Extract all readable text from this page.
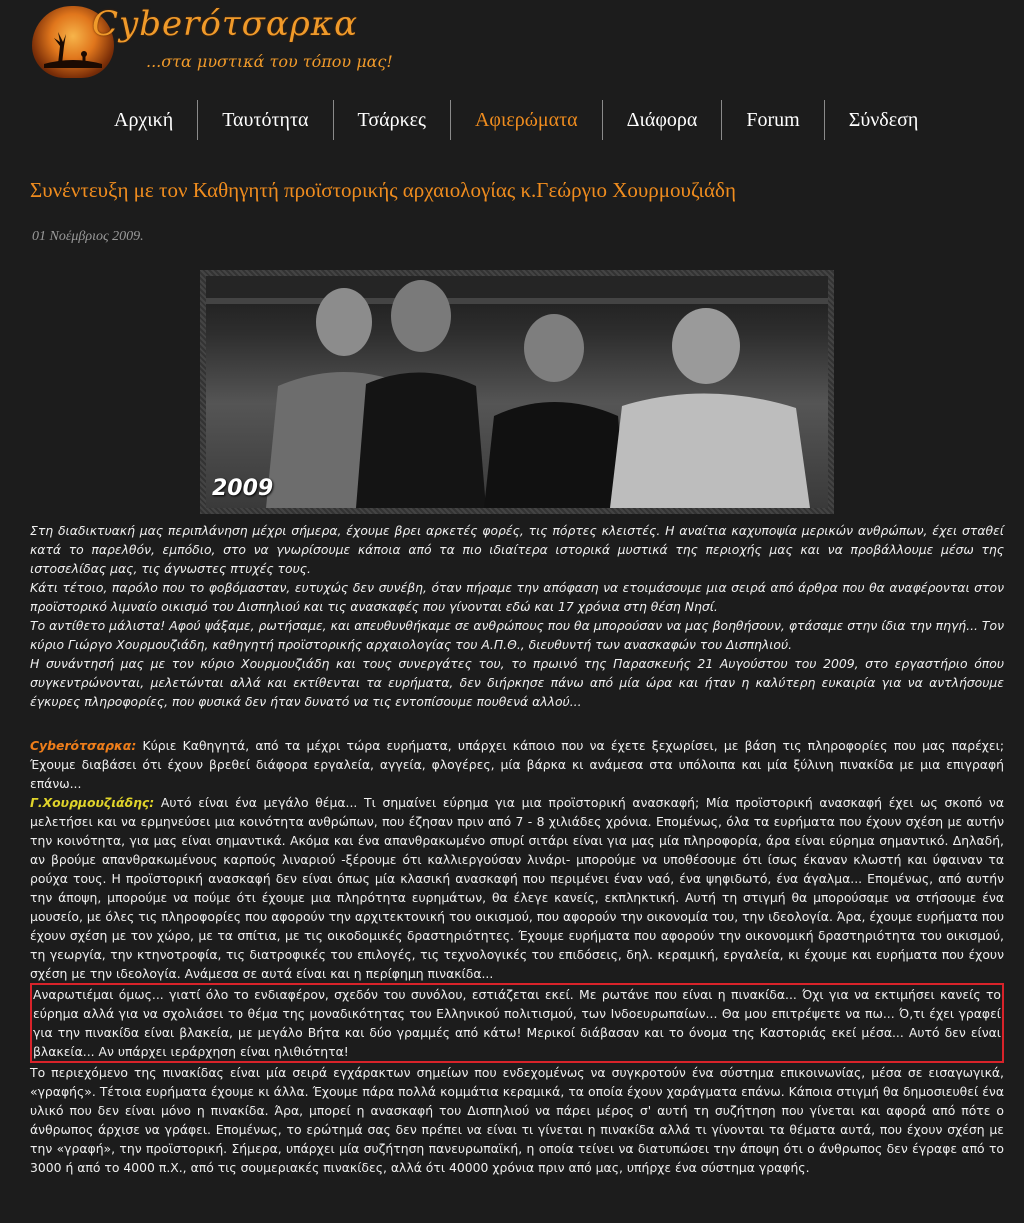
Cyberότσαρκα
...στα μυστικά του τόπου μας!
Αρχική	Ταυτότητα	Τσάρκες	Αφιερώματα	Διάφορα	Forum	Σύνδεση
Συνέντευξη με τον Καθηγητή προϊστορικής αρχαιολογίας κ.Γεώργιο Χουρμουζιάδη
01 Νοέμβριος 2009.
2009

Στη διαδικτυακή μας περιπλάνηση μέχρι σήμερα, έχουμε βρει αρκετές φορές, τις πόρτες κλειστές. Η αναίτια καχυποψία μερικών ανθρώπων, έχει σταθεί κατά το παρελθόν, εμπόδιο, στο να γνωρίσουμε κάποια από τα πιο ιδιαίτερα ιστορικά μυστικά της περιοχής μας και να προβάλλουμε μέσω της ιστοσελίδας μας, τις άγνωστες πτυχές τους.

Κάτι τέτοιο, παρόλο που το φοβόμασταν, ευτυχώς δεν συνέβη, όταν πήραμε την απόφαση να ετοιμάσουμε μια σειρά από άρθρα που θα αναφέρονται στον προϊστορικό λιμναίο οικισμό του Δισπηλιού και τις ανασκαφές που γίνονται εδώ και 17 χρόνια στη θέση Νησί.

Το αντίθετο μάλιστα! Αφού ψάξαμε, ρωτήσαμε, και απευθυνθήκαμε σε ανθρώπους που θα μπορούσαν να μας βοηθήσουν, φτάσαμε στην ίδια την πηγή... Τον κύριο Γιώργο Χουρμουζιάδη, καθηγητή προϊστορικής αρχαιολογίας του Α.Π.Θ., διευθυντή των ανασκαφών του Δισπηλιού.

Η συνάντησή μας με τον κύριο Χουρμουζιάδη και τους συνεργάτες του, το πρωινό της Παρασκευής 21 Αυγούστου του 2009, στο εργαστήριο όπου συγκεντρώνονται, μελετώνται αλλά και εκτίθενται τα ευρήματα, δεν διήρκησε πάνω από μία ώρα και ήταν η καλύτερη ευκαιρία για να αντλήσουμε έγκυρες πληροφορίες, που φυσικά δεν ήταν δυνατό να τις εντοπίσουμε πουθενά αλλού...

Cyberότσαρκα: Κύριε Καθηγητά, από τα μέχρι τώρα ευρήματα, υπάρχει κάποιο που να έχετε ξεχωρίσει, με βάση τις πληροφορίες που μας παρέχει; Έχουμε διαβάσει ότι έχουν βρεθεί διάφορα εργαλεία, αγγεία, φλογέρες, μία βάρκα κι ανάμεσα στα υπόλοιπα και μία ξύλινη πινακίδα με μια επιγραφή επάνω...

Γ.Χουρμουζιάδης: Αυτό είναι ένα μεγάλο θέμα... Τι σημαίνει εύρημα για μια προϊστορική ανασκαφή; Μία προϊστορική ανασκαφή έχει ως σκοπό να μελετήσει και να ερμηνεύσει μια κοινότητα ανθρώπων, που έζησαν πριν από 7 - 8 χιλιάδες χρόνια. Επομένως, όλα τα ευρήματα που έχουν σχέση με αυτήν την κοινότητα, για μας είναι σημαντικά. Ακόμα και ένα απανθρακωμένο σπυρί σιτάρι είναι για μας μία πληροφορία, άρα είναι εύρημα σημαντικό. Δηλαδή, αν βρούμε απανθρακωμένους καρπούς λιναριού -ξέρουμε ότι καλλιεργούσαν λινάρι- μπορούμε να υποθέσουμε ότι ίσως έκαναν κλωστή και ύφαιναν τα ρούχα τους. Η προϊστορική ανασκαφή δεν είναι όπως μία κλασική ανασκαφή που περιμένει έναν ναό, ένα ψηφιδωτό, ένα άγαλμα... Επομένως, από αυτήν την άποψη, μπορούμε να πούμε ότι έχουμε μια πληρότητα ευρημάτων, θα έλεγε κανείς, εκπληκτική. Αυτή τη στιγμή θα μπορούσαμε να στήσουμε ένα μουσείο, με όλες τις πληροφορίες που αφορούν την αρχιτεκτονική του οικισμού, που αφορούν την οικονομία του, την ιδεολογία. Άρα, έχουμε ευρήματα που έχουν σχέση με τον χώρο, με τα σπίτια, με τις οικοδομικές δραστηριότητες. Έχουμε ευρήματα που αφορούν την οικονομική δραστηριότητα του οικισμού, τη γεωργία, την κτηνοτροφία, τις διατροφικές του επιλογές, τις τεχνολογικές του επιδόσεις, δηλ. κεραμική, εργαλεία, κι έχουμε και ευρήματα που έχουν σχέση με την ιδεολογία. Ανάμεσα σε αυτά είναι και η περίφημη πινακίδα...

Αναρωτιέμαι όμως... γιατί όλο το ενδιαφέρον, σχεδόν του συνόλου, εστιάζεται εκεί. Με ρωτάνε που είναι η πινακίδα... Όχι για να εκτιμήσει κανείς το εύρημα αλλά για να σχολιάσει το θέμα της μοναδικότητας του Ελληνικού πολιτισμού, των Ινδοευρωπαίων... Θα μου επιτρέψετε να πω... Ό,τι έχει γραφεί για την πινακίδα είναι βλακεία, με μεγάλο Βήτα και δύο γραμμές από κάτω! Μερικοί διάβασαν και το όνομα της Καστοριάς εκεί μέσα... Αυτό δεν είναι βλακεία... Αν υπάρχει ιεράρχηση είναι ηλιθιότητα!

Το περιεχόμενο της πινακίδας είναι μία σειρά εγχάρακτων σημείων που ενδεχομένως να συγκροτούν ένα σύστημα επικοινωνίας, μέσα σε εισαγωγικά, «γραφής». Τέτοια ευρήματα έχουμε κι άλλα. Έχουμε πάρα πολλά κομμάτια κεραμικά, τα οποία έχουν χαράγματα επάνω. Κάποια στιγμή θα δημοσιευθεί ένα υλικό που δεν είναι μόνο η πινακίδα. Άρα, μπορεί η ανασκαφή του Δισπηλιού να πάρει μέρος σ' αυτή τη συζήτηση που γίνεται και αφορά από πότε ο άνθρωπος άρχισε να γράφει. Επομένως, το ερώτημά σας δεν πρέπει να είναι τι γίνεται η πινακίδα αλλά τι γίνονται τα θέματα αυτά, που έχουν σχέση με την «γραφή», την προϊστορική. Σήμερα, υπάρχει μία συζήτηση πανευρωπαϊκή, η οποία τείνει να διατυπώσει την άποψη ότι ο άνθρωπος δεν έγραφε από το 3000 ή από το 4000 π.Χ., από τις σουμεριακές πινακίδες, αλλά ότι 40000 χρόνια πριν από μας, υπήρχε ένα σύστημα γραφής.
